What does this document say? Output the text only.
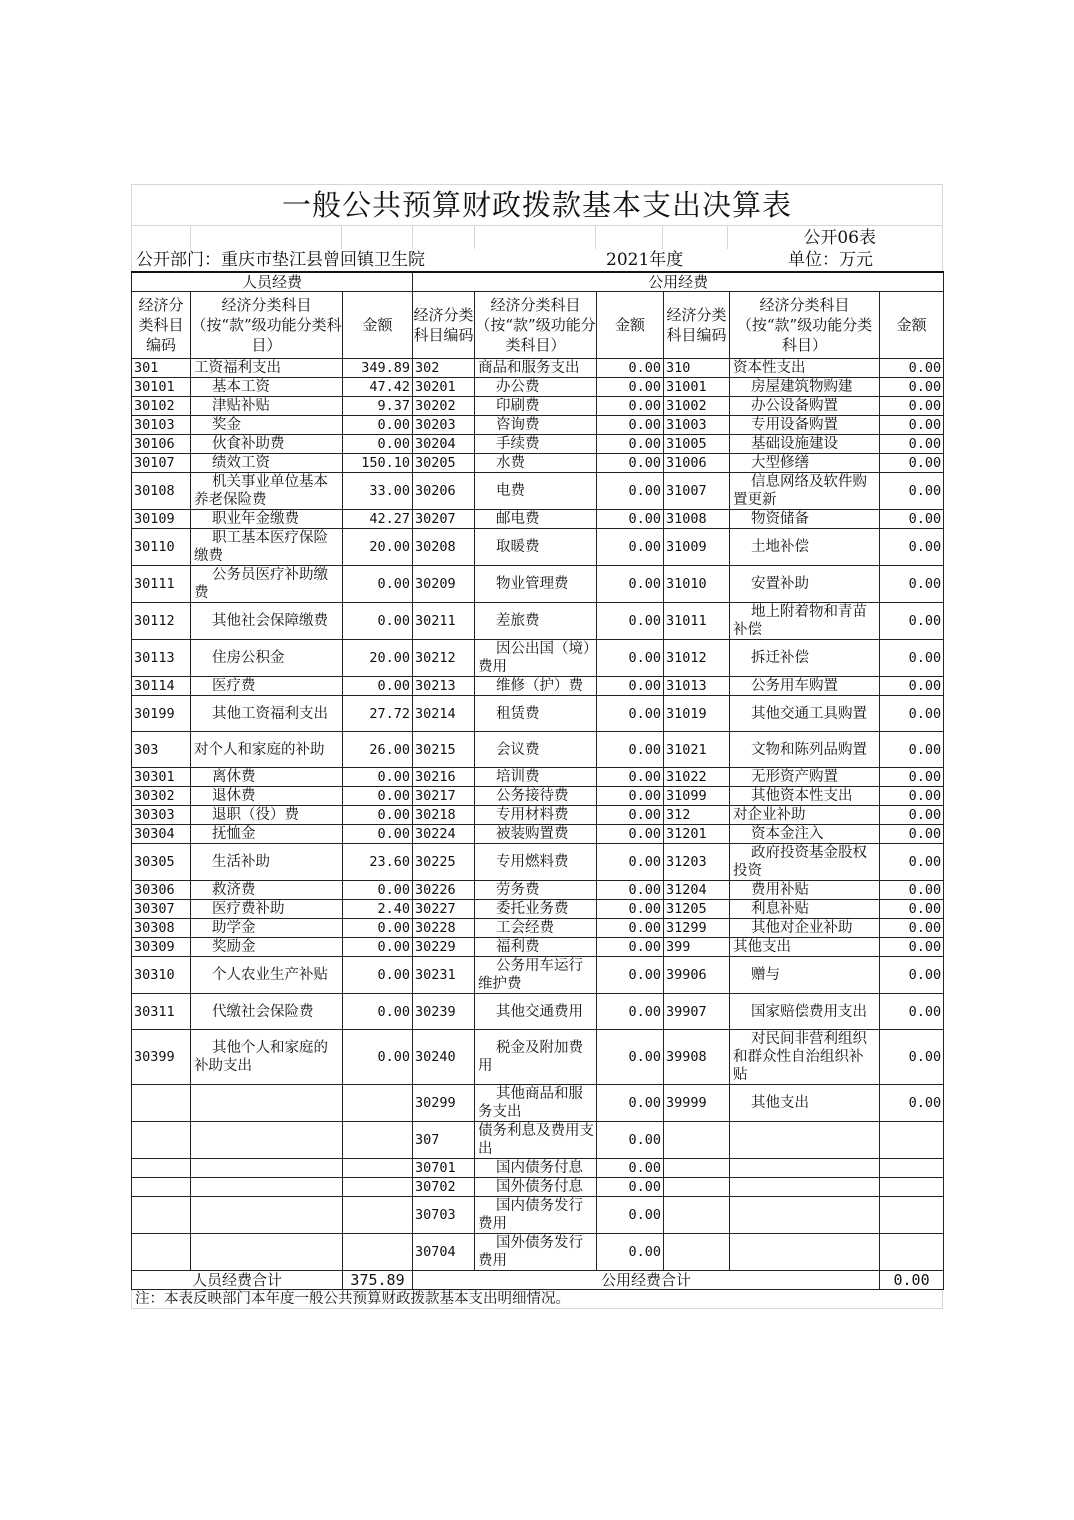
一般公共预算财政拨款基本支出决算表
公开06表
公开部门：重庆市垫江县曾回镇卫生院	2021年度	单位：万元
人员经费			公用经费					
经济分类科目编码	经济分类科目（按“款”级功能分类科目）	金额	经济分类科目编码	经济分类科目（按“款”级功能分类科目）	金额	经济分类科目编码	经济分类科目（按“款”级功能分类科目）	金额
301	工资福利支出	349.89	302	商品和服务支出	0.00	310	资本性支出	0.00
30101	基本工资	47.42	30201	办公费	0.00	31001	房屋建筑物购建	0.00
30102	津贴补贴	9.37	30202	印刷费	0.00	31002	办公设备购置	0.00
30103	奖金	0.00	30203	咨询费	0.00	31003	专用设备购置	0.00
30106	伙食补助费	0.00	30204	手续费	0.00	31005	基础设施建设	0.00
30107	绩效工资	150.10	30205	水费	0.00	31006	大型修缮	0.00
30108	机关事业单位基本养老保险费	33.00	30206	电费	0.00	31007	信息网络及软件购置更新	0.00
30109	职业年金缴费	42.27	30207	邮电费	0.00	31008	物资储备	0.00
30110	职工基本医疗保险缴费	20.00	30208	取暖费	0.00	31009	土地补偿	0.00
30111	公务员医疗补助缴费	0.00	30209	物业管理费	0.00	31010	安置补助	0.00
30112	其他社会保障缴费	0.00	30211	差旅费	0.00	31011	地上附着物和青苗补偿	0.00
30113	住房公积金	20.00	30212	因公出国（境）费用	0.00	31012	拆迁补偿	0.00
30114	医疗费	0.00	30213	维修（护）费	0.00	31013	公务用车购置	0.00
30199	其他工资福利支出	27.72	30214	租赁费	0.00	31019	其他交通工具购置	0.00
303	对个人和家庭的补助	26.00	30215	会议费	0.00	31021	文物和陈列品购置	0.00
30301	离休费	0.00	30216	培训费	0.00	31022	无形资产购置	0.00
30302	退休费	0.00	30217	公务接待费	0.00	31099	其他资本性支出	0.00
30303	退职（役）费	0.00	30218	专用材料费	0.00	312	对企业补助	0.00
30304	抚恤金	0.00	30224	被装购置费	0.00	31201	资本金注入	0.00
30305	生活补助	23.60	30225	专用燃料费	0.00	31203	政府投资基金股权投资	0.00
30306	救济费	0.00	30226	劳务费	0.00	31204	费用补贴	0.00
30307	医疗费补助	2.40	30227	委托业务费	0.00	31205	利息补贴	0.00
30308	助学金	0.00	30228	工会经费	0.00	31299	其他对企业补助	0.00
30309	奖励金	0.00	30229	福利费	0.00	399	其他支出	0.00
30310	个人农业生产补贴	0.00	30231	公务用车运行维护费	0.00	39906	赠与	0.00
30311	代缴社会保险费	0.00	30239	其他交通费用	0.00	39907	国家赔偿费用支出	0.00
30399	其他个人和家庭的补助支出	0.00	30240	税金及附加费用	0.00	39908	对民间非营利组织和群众性自治组织补贴	0.00
			30299	其他商品和服务支出	0.00	39999	其他支出	0.00
			307	债务利息及费用支出	0.00			
			30701	国内债务付息	0.00			
			30702	国外债务付息	0.00			
			30703	国内债务发行费用	0.00			
			30704	国外债务发行费用	0.00			
人员经费合计		375.89	公用经费合计					0.00
注：本表反映部门本年度一般公共预算财政拨款基本支出明细情况。
